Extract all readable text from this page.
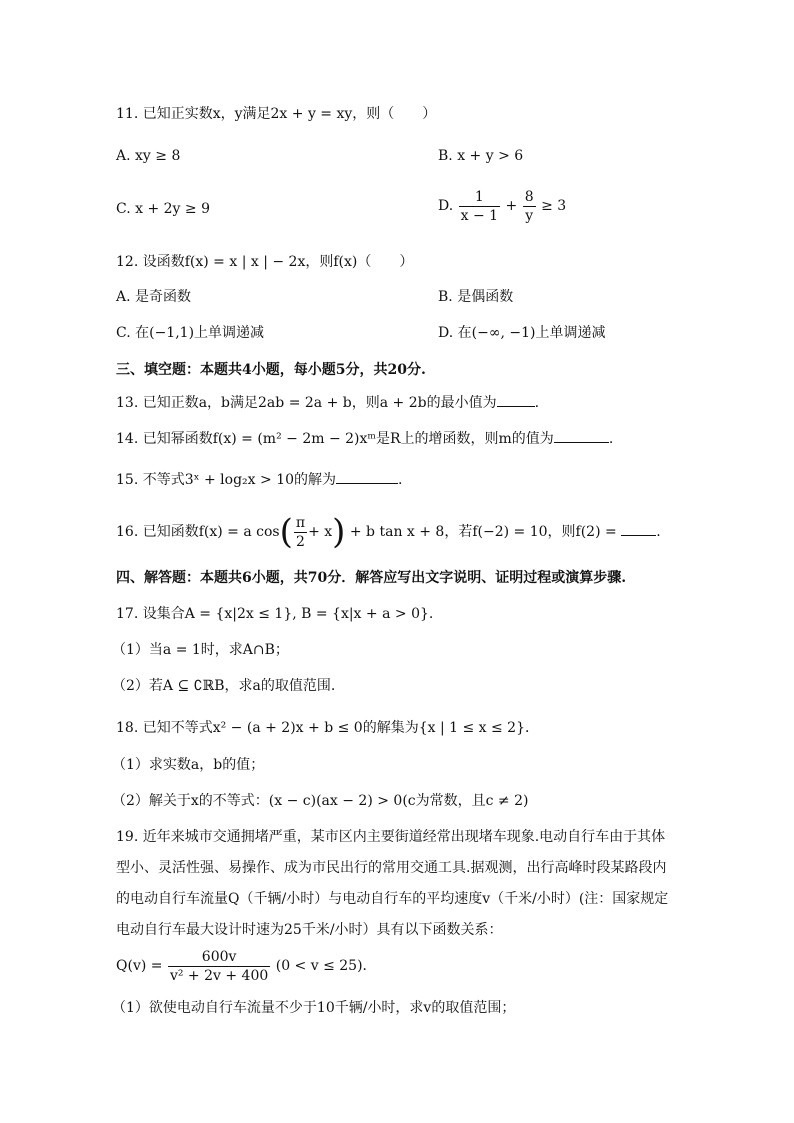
11. 已知正实数x，y满足2x + y = xy，则（　　）
A. xy ≥ 8	B. x + y > 6
C. x + 2y ≥ 9	D. $\frac{1}{x - 1} + \frac{8}{y} \ge 3$
12. 设函数f(x) = x | x | − 2x，则f(x)（　　）
A. 是奇函数	B. 是偶函数
C. 在(−1,1)上单调递减	D. 在(−∞, −1)上单调递减
三、填空题：本题共4小题，每小题5分，共20分.
13. 已知正数a，b满足2ab = 2a + b，则a + 2b的最小值为	.
14. 已知幂函数f(x) = (m² − 2m − 2)xᵐ是R上的增函数，则m的值为	.
15. 不等式3ˣ + log₂x > 10的解为	.
16. 已知函数f(x) = a $\cos( \frac{\pi}{2} + x) + b$ tan x + 8，若f(−2) = 10，则f(2) =	.
四、解答题：本题共6小题，共70分．解答应写出文字说明、证明过程或演算步骤.
17. 设集合A = {x|2x ≤ 1}, B = {x|x + a > 0}.
（1）当a = 1时，求A∩B；
（2）若A ⊆ ∁ℝB，求a的取值范围.
18. 已知不等式x² − (a + 2)x + b ≤ 0的解集为{x | 1 ≤ x ≤ 2}．
（1）求实数a，b的值；
（2）解关于x的不等式：(x − c)(ax − 2) > 0(c为常数，且c ≠ 2)
19. 近年来城市交通拥堵严重，某市区内主要街道经常出现堵车现象.电动自行车由于其体型小、灵活性强、易操作、成为市民出行的常用交通工具.据观测，出行高峰时段某路段内的电动自行车流量Q（千辆/小时）与电动自行车的平均速度v（千米/小时）(注：国家规定电动自行车最大设计时速为25千米/小时）具有以下函数关系：
$Q(v) = \frac{600v}{\text{v² + 2v + 400}} (0 < v \le 25)$．
（1）欲使电动自行车流量不少于10千辆/小时，求v的取值范围；
